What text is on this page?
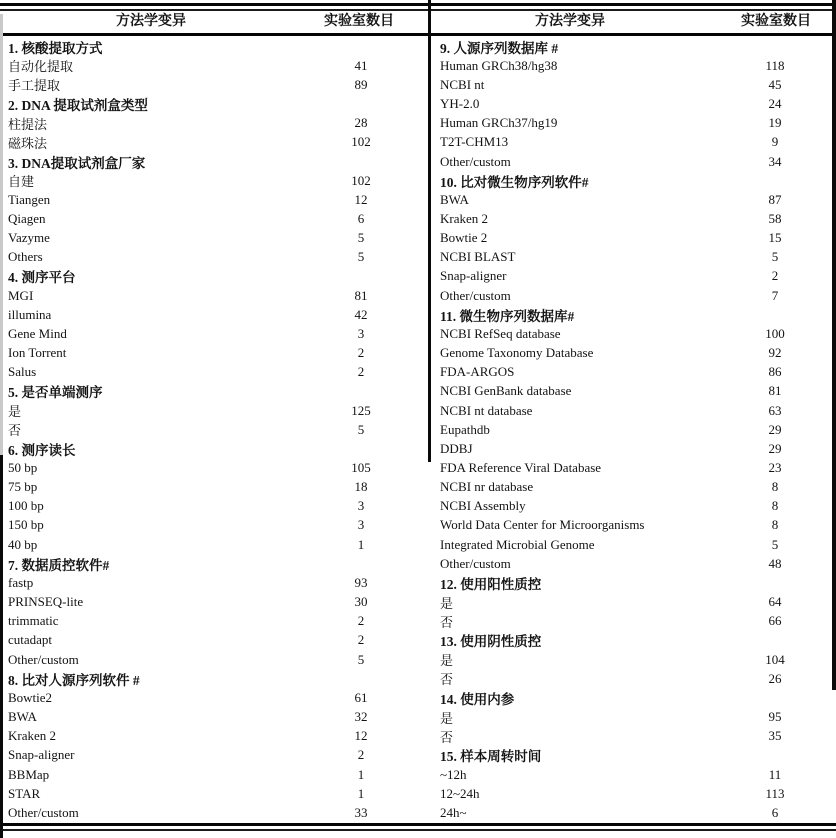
方法学变异	实验室数目	方法学变异	实验室数目
1. 核酸提取方式
自动化提取	41
手工提取	89
2. DNA 提取试剂盒类型
柱提法	28
磁珠法	102
3. DNA提取试剂盒厂家
自建	102
Tiangen	12
Qiagen	6
Vazyme	5
Others	5
4. 测序平台
MGI	81
illumina	42
Gene Mind	3
Ion Torrent	2
Salus	2
5. 是否单端测序
是	125
否	5
6. 测序读长
50 bp	105
75 bp	18
100 bp	3
150 bp	3
40 bp	1
7. 数据质控软件#
fastp	93
PRINSEQ-lite	30
trimmatic	2
cutadapt	2
Other/custom	5
8. 比对人源序列软件 #
Bowtie2	61
BWA	32
Kraken 2	12
Snap-aligner	2
BBMap	1
STAR	1
Other/custom	33
9. 人源序列数据库 #
Human GRCh38/hg38	118
NCBI nt	45
YH-2.0	24
Human GRCh37/hg19	19
T2T-CHM13	9
Other/custom	34
10. 比对微生物序列软件#
BWA	87
Kraken 2	58
Bowtie 2	15
NCBI BLAST	5
Snap-aligner	2
Other/custom	7
11. 微生物序列数据库#
NCBI RefSeq database	100
Genome Taxonomy Database	92
FDA-ARGOS	86
NCBI GenBank database	81
NCBI nt database	63
Eupathdb	29
DDBJ	29
FDA Reference Viral Database	23
NCBI nr database	8
NCBI Assembly	8
World Data Center for Microorganisms	8
Integrated Microbial Genome	5
Other/custom	48
12. 使用阳性质控
是	64
否	66
13. 使用阴性质控
是	104
否	26
14. 使用内参
是	95
否	35
15. 样本周转时间
~12h	11
12~24h	113
24h~	6
